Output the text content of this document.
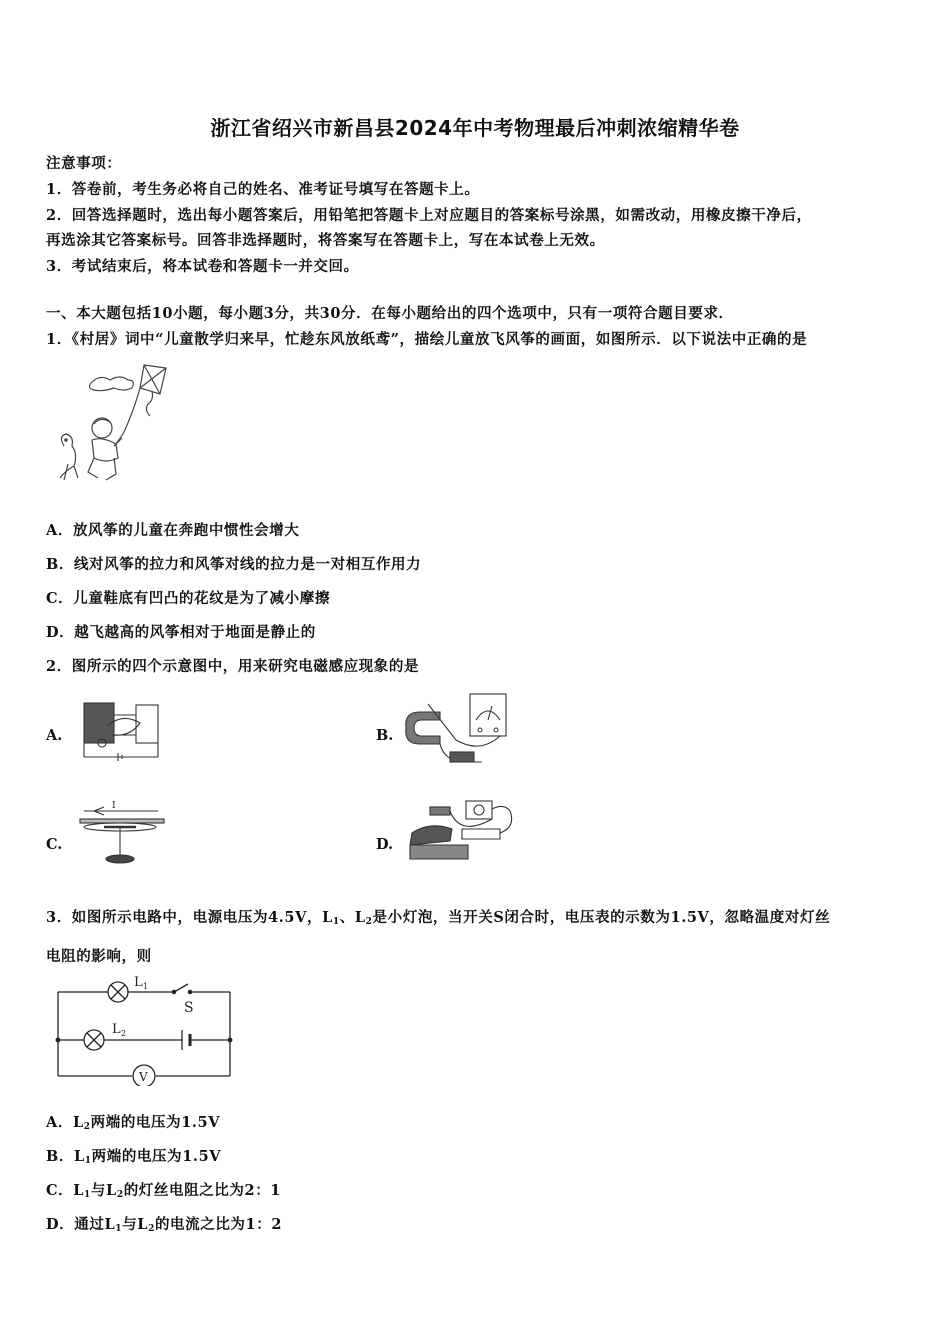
浙江省绍兴市新昌县2024年中考物理最后冲刺浓缩精华卷
注意事项：
1．答卷前，考生务必将自己的姓名、准考证号填写在答题卡上。
2．回答选择题时，选出每小题答案后，用铅笔把答题卡上对应题目的答案标号涂黑，如需改动，用橡皮擦干净后，
再选涂其它答案标号。回答非选择题时，将答案写在答题卡上，写在本试卷上无效。
3．考试结束后，将本试卷和答题卡一并交回。
一、本大题包括10小题，每小题3分，共30分．在每小题给出的四个选项中，只有一项符合题目要求．
1．《村居》词中“儿童散学归来早，忙趁东风放纸鸢”，描绘儿童放飞风筝的画面，如图所示．以下说法中正确的是
A．放风筝的儿童在奔跑中惯性会增大
B．线对风筝的拉力和风筝对线的拉力是一对相互作用力
C．儿童鞋底有凹凸的花纹是为了减小摩擦
D．越飞越高的风筝相对于地面是静止的
2．图所示的四个示意图中，用来研究电磁感应现象的是
A.	B.
C.
I
D.
3．如图所示电路中，电源电压为4.5V，$L_1$、$L_2$是小灯泡，当开关S闭合时，电压表的示数为1.5V，忽略温度对灯丝
电阻的影响，则
L 1
S
L 2
V
A．$L_2$两端的电压为1.5V
B．$L_1$两端的电压为1.5V
C．$L_1$与$L_2$的灯丝电阻之比为2：1
D．通过$L_1$与$L_2$的电流之比为1：2
